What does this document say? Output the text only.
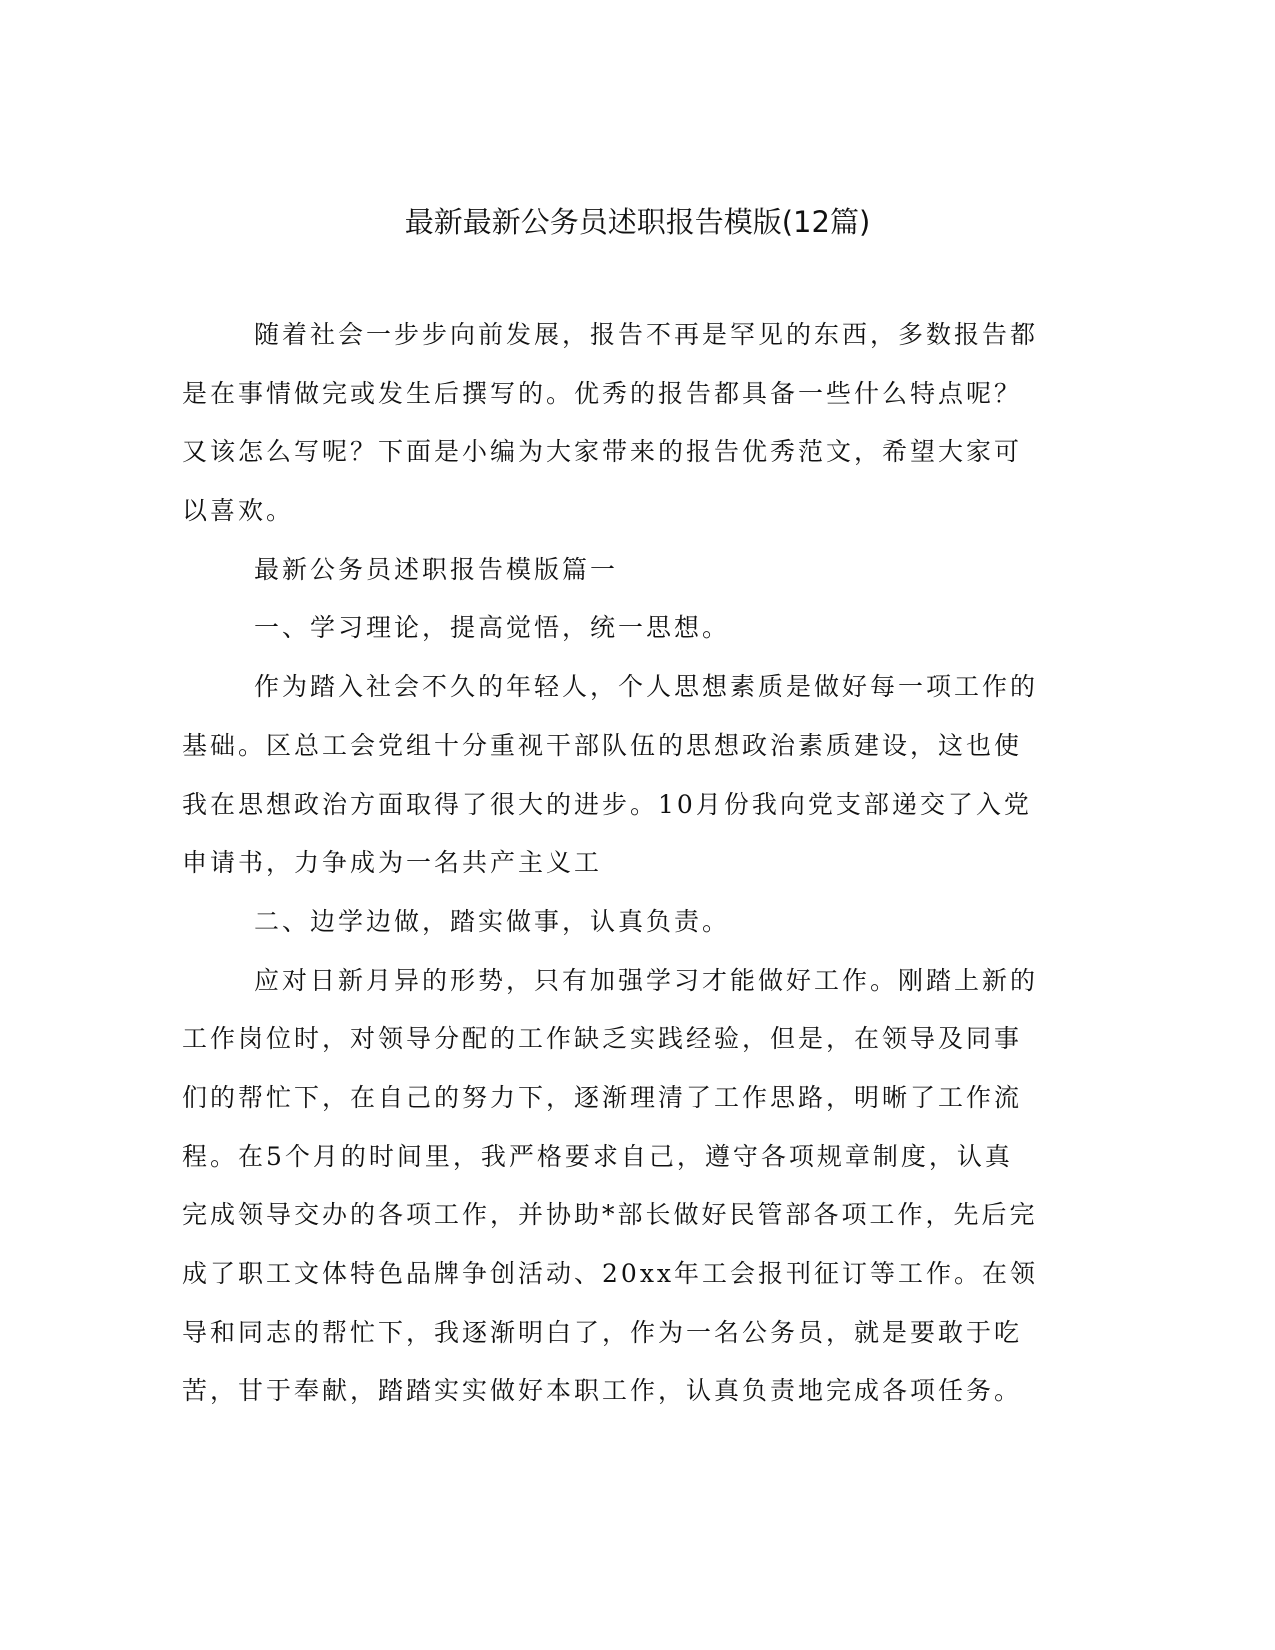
最新最新公务员述职报告模版(12篇)
随着社会一步步向前发展，报告不再是罕见的东西，多数报告都
是在事情做完或发生后撰写的。优秀的报告都具备一些什么特点呢？
又该怎么写呢？下面是小编为大家带来的报告优秀范文，希望大家可
以喜欢。
最新公务员述职报告模版篇一
一、学习理论，提高觉悟，统一思想。
作为踏入社会不久的年轻人，个人思想素质是做好每一项工作的
基础。区总工会党组十分重视干部队伍的思想政治素质建设，这也使
我在思想政治方面取得了很大的进步。10月份我向党支部递交了入党
申请书，力争成为一名共产主义工
二、边学边做，踏实做事，认真负责。
应对日新月异的形势，只有加强学习才能做好工作。刚踏上新的
工作岗位时，对领导分配的工作缺乏实践经验，但是，在领导及同事
们的帮忙下，在自己的努力下，逐渐理清了工作思路，明晰了工作流
程。在5个月的时间里，我严格要求自己，遵守各项规章制度，认真
完成领导交办的各项工作，并协助*部长做好民管部各项工作，先后完
成了职工文体特色品牌争创活动、20xx年工会报刊征订等工作。在领
导和同志的帮忙下，我逐渐明白了，作为一名公务员，就是要敢于吃
苦，甘于奉献，踏踏实实做好本职工作，认真负责地完成各项任务。
